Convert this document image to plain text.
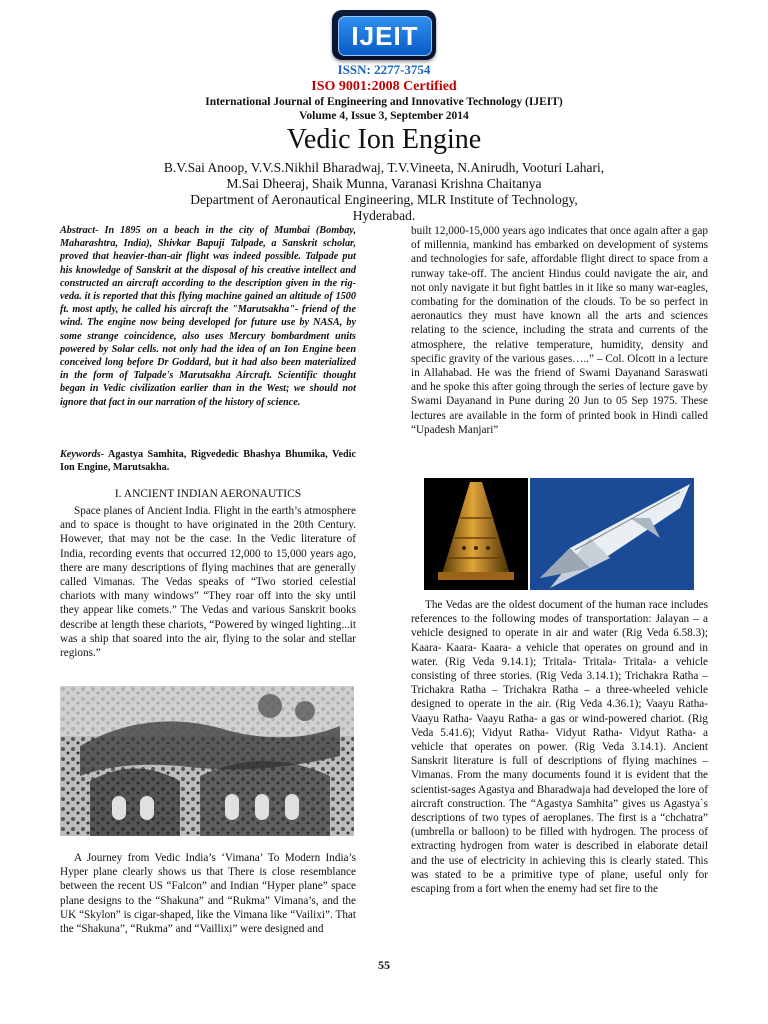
IJEIT
ISSN: 2277-3754
ISO 9001:2008 Certified
International Journal of Engineering and Innovative Technology (IJEIT)
Volume 4, Issue 3, September 2014
Vedic Ion Engine
B.V.Sai Anoop, V.V.S.Nikhil Bharadwaj, T.V.Vineeta, N.Anirudh, Vooturi Lahari,
M.Sai Dheeraj, Shaik Munna, Varanasi Krishna Chaitanya
Department of Aeronautical Engineering, MLR Institute of Technology,
Hyderabad.
Abstract- In 1895 on a beach in the city of Mumbai (Bombay, Maharashtra, India), Shivkar Bapuji Talpade, a Sanskrit scholar, proved that heavier-than-air flight was indeed possible. Talpade put his knowledge of Sanskrit at the disposal of his creative intellect and constructed an aircraft according to the description given in the rig-veda. it is reported that this flying machine gained an altitude of 1500 ft. most aptly, he called his aircraft the "Marutsakha"- friend of the wind. The engine now being developed for future use by NASA, by some strange coincidence, also uses Mercury bombardment units powered by Solar cells. not only had the idea of an Ion Engine been conceived long before Dr Goddard, but it had also been materialized in the form of Talpade's Marutsakha Aircraft. Scientific thought began in Vedic civilization earlier than in the West; we should not ignore that fact in our narration of the history of science.
Keywords- Agastya Samhita, Rigvededic Bhashya Bhumika, Vedic Ion Engine, Marutsakha.
I. ANCIENT INDIAN AERONAUTICS
Space planes of Ancient India. Flight in the earth’s atmosphere and to space is thought to have originated in the 20th Century. However, that may not be the case. In the Vedic literature of India, recording events that occurred 12,000 to 15,000 years ago, there are many descriptions of flying machines that are generally called Vimanas. The Vedas speaks of “Two storied celestial chariots with many windows” “They roar off into the sky until they appear like comets.” The Vedas and various Sanskrit books describe at length these chariots, “Powered by winged lighting...it was a ship that soared into the air, flying to the solar and stellar regions.”
A Journey from Vedic India’s ‘Vimana’ To Modern India’s Hyper plane clearly shows us that There is close resemblance between the recent US “Falcon” and Indian “Hyper plane” space plane designs to the “Shakuna” and “Rukma” Vimana’s, and the UK “Skylon” is cigar-shaped, like the Vimana like “Vailixi”. That the “Shakuna”, “Rukma” and “Vaillixi” were designed and
built 12,000-15,000 years ago indicates that once again after a gap of millennia, mankind has embarked on development of systems and technologies for safe, affordable flight direct to space from a runway take-off. The ancient Hindus could navigate the air, and not only navigate it but fight battles in it like so many war-eagles, combating for the domination of the clouds. To be so perfect in aeronautics they must have known all the arts and sciences relating to the science, including the strata and currents of the atmosphere, the relative temperature, humidity, density and specific gravity of the various gases…..” – Col. Olcott in a lecture in Allahabad. He was the friend of Swami Dayanand Saraswati and he spoke this after going through the series of lecture gave by Swami Dayanand in Pune during 20 Jun to 05 Sep 1975. These lectures are available in the form of printed book in Hindi called “Upadesh Manjari”
The Vedas are the oldest document of the human race includes references to the following modes of transportation: Jalayan – a vehicle designed to operate in air and water (Rig Veda 6.58.3); Kaara- Kaara- Kaara- a vehicle that operates on ground and in water. (Rig Veda 9.14.1); Tritala- Tritala- Tritala- a vehicle consisting of three stories. (Rig Veda 3.14.1); Trichakra Ratha – Trichakra Ratha – Trichakra Ratha – a three-wheeled vehicle designed to operate in the air. (Rig Veda 4.36.1); Vaayu Ratha- Vaayu Ratha- Vaayu Ratha- a gas or wind-powered chariot. (Rig Veda 5.41.6); Vidyut Ratha- Vidyut Ratha- Vidyut Ratha- a vehicle that operates on power. (Rig Veda 3.14.1). Ancient Sanskrit literature is full of descriptions of flying machines – Vimanas. From the many documents found it is evident that the scientist-sages Agastya and Bharadwaja had developed the lore of aircraft construction. The “Agastya Samhita” gives us Agastya`s descriptions of two types of aeroplanes. The first is a “chchatra” (umbrella or balloon) to be filled with hydrogen. The process of extracting hydrogen from water is described in elaborate detail and the use of electricity in achieving this is clearly stated. This was stated to be a primitive type of plane, useful only for escaping from a fort when the enemy had set fire to the
55
